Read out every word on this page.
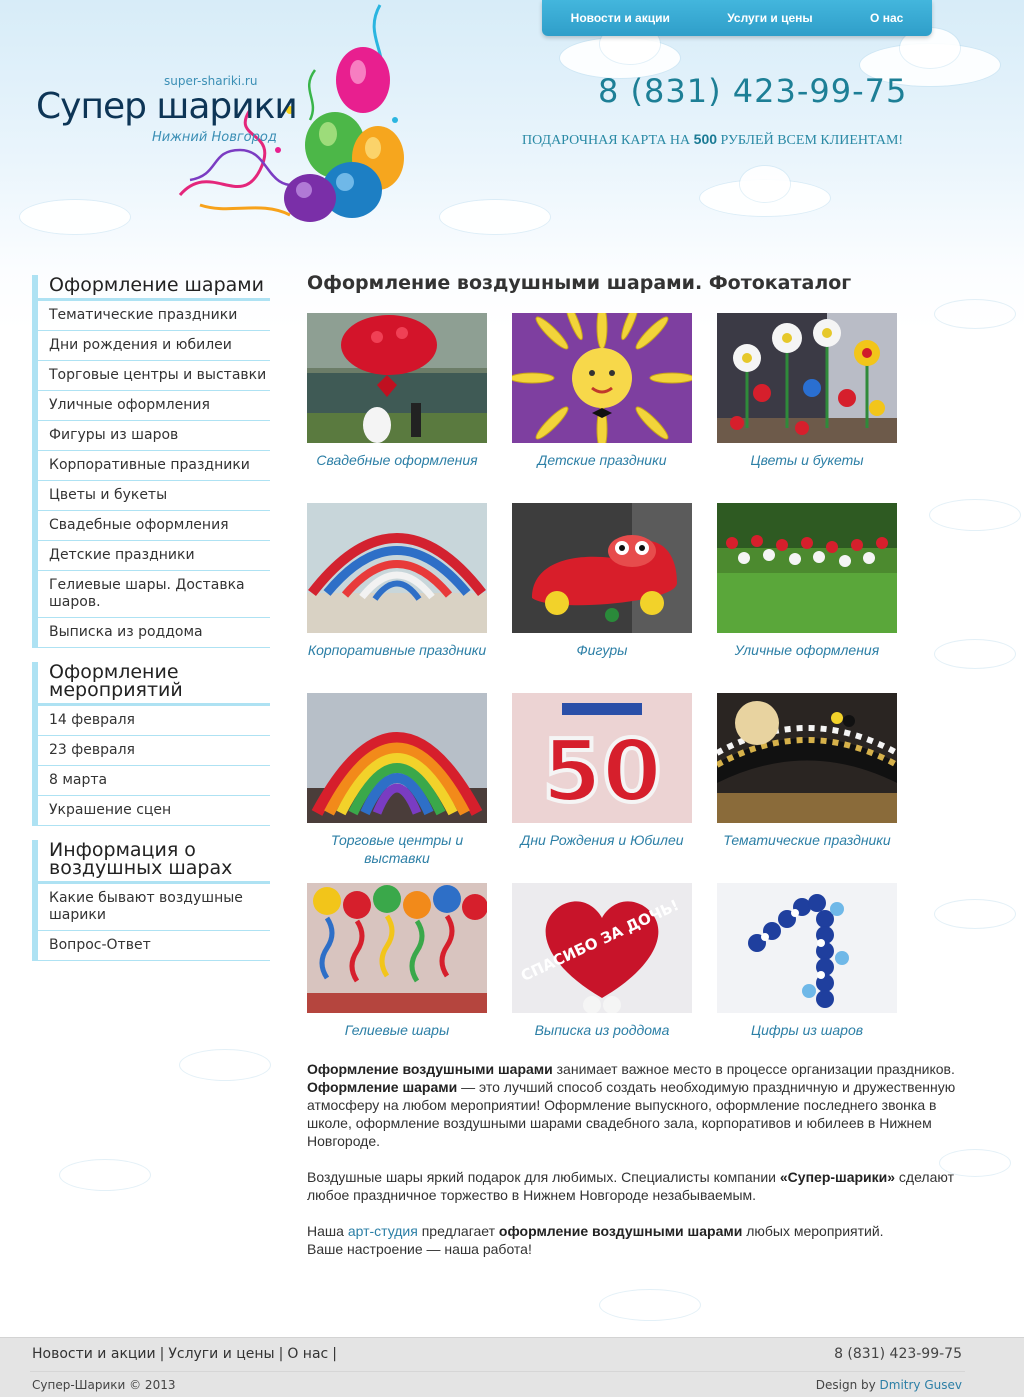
super-shariki.ru
Супер шарики
Нижний Новгород
Новости и акции	Услуги и цены	О нас
8 (831) 423-99-75
ПОДАРОЧНАЯ КАРТА НА 500 РУБЛЕЙ ВСЕМ КЛИЕНТАМ!
Оформление шарами
Тематические праздники
Дни рождения и юбилеи
Торговые центры и выставки
Уличные оформления
Фигуры из шаров
Корпоративные праздники
Цветы и букеты
Свадебные оформления
Детские праздники
Гелиевые шары. Доставка шаров.
Выписка из роддома
Оформление мероприятий
14 февраля
23 февраля
8 марта
Украшение сцен
Информация о воздушных шарах
Какие бывают воздушные шарики
Вопрос-Ответ
Оформление воздушными шарами. Фотокаталог
Свадебные оформления	Детские праздники	Цветы и букеты
Корпоративные праздники	Фигуры	Уличные оформления
Торговые центры и выставки
50
Дни Рождения и Юбилеи	Тематические праздники
Гелиевые шары
СПАСИБО ЗА ДОЧЬ!
Выписка из роддома	Цифры из шаров

Оформление воздушными шарами занимает важное место в процессе организации праздников. Оформление шарами — это лучший способ создать необходимую праздничную и дружественную атмосферу на любом мероприятии! Оформление выпускного, оформление последнего звонка в школе, оформление воздушными шарами свадебного зала, корпоративов и юбилеев в Нижнем Новгороде.

Воздушные шары яркий подарок для любимых. Специалисты компании «Супер-шарики» сделают любое праздничное торжество в Нижнем Новгороде незабываемым.

Наша арт-студия предлагает оформление воздушными шарами любых мероприятий.
Ваше настроение — наша работа!

Новости и акции | Услуги и цены | О нас |	8 (831) 423-99-75
Супер-Шарики © 2013	Design by Dmitry Gusev
